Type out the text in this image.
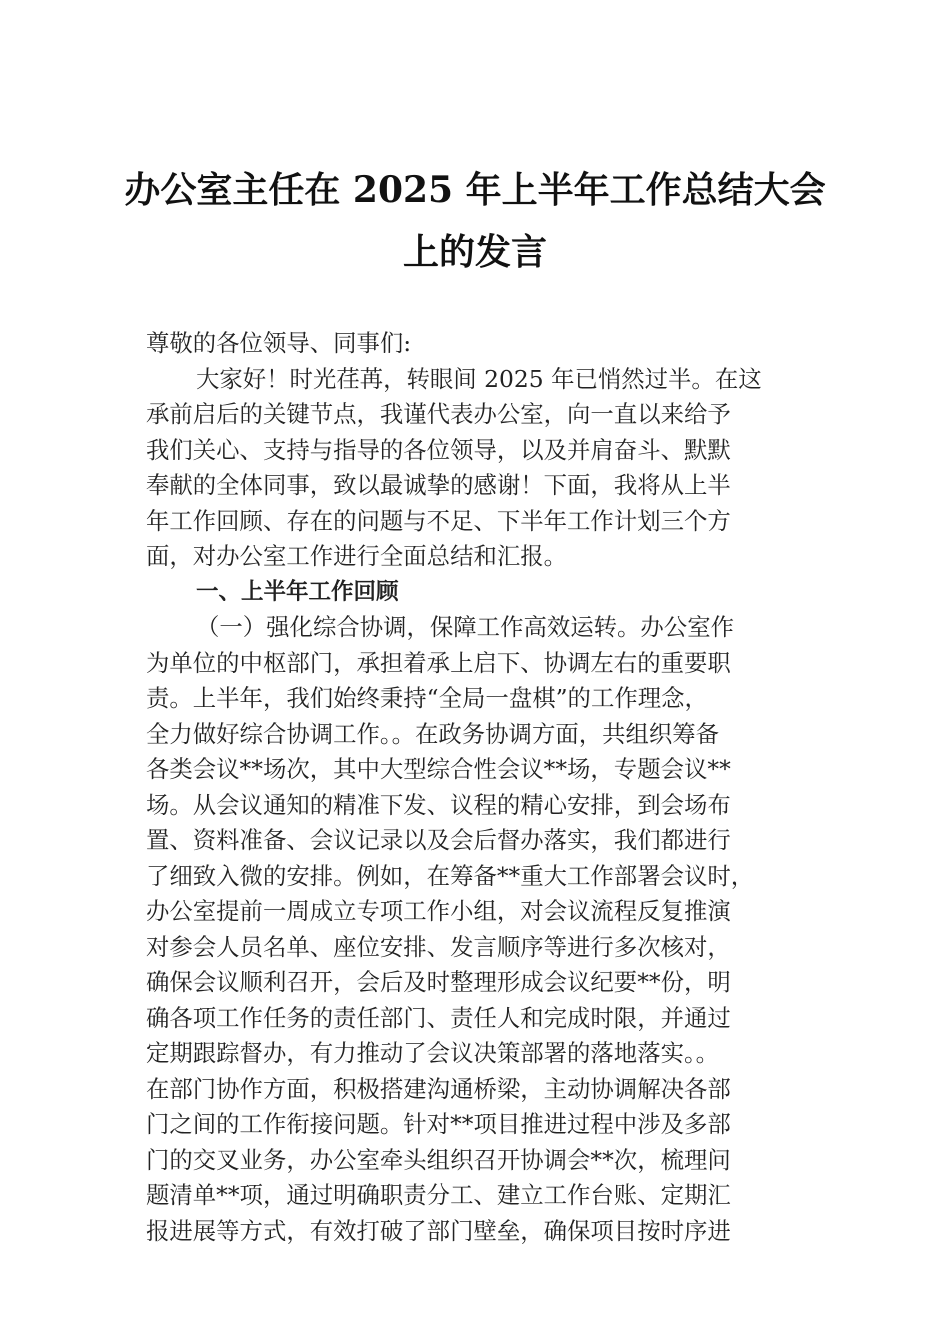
办公室主任在 2025 年上半年工作总结大会
上的发言
尊敬的各位领导、同事们:
大家好！时光荏苒，转眼间 2025 年已悄然过半。在这
承前启后的关键节点，我谨代表办公室，向一直以来给予
我们关心、支持与指导的各位领导，以及并肩奋斗、默默
奉献的全体同事，致以最诚挚的感谢！下面，我将从上半
年工作回顾、存在的问题与不足、下半年工作计划三个方
面，对办公室工作进行全面总结和汇报。
一、上半年工作回顾
（一）强化综合协调，保障工作高效运转。办公室作
为单位的中枢部门，承担着承上启下、协调左右的重要职
责。上半年，我们始终秉持“全局一盘棋”的工作理念，
全力做好综合协调工作。。在政务协调方面，共组织筹备
各类会议**场次，其中大型综合性会议**场，专题会议**
场。从会议通知的精准下发、议程的精心安排，到会场布
置、资料准备、会议记录以及会后督办落实，我们都进行
了细致入微的安排。例如，在筹备**重大工作部署会议时，
办公室提前一周成立专项工作小组，对会议流程反复推演
对参会人员名单、座位安排、发言顺序等进行多次核对，
确保会议顺利召开，会后及时整理形成会议纪要**份，明
确各项工作任务的责任部门、责任人和完成时限，并通过
定期跟踪督办，有力推动了会议决策部署的落地落实。。
在部门协作方面，积极搭建沟通桥梁，主动协调解决各部
门之间的工作衔接问题。针对**项目推进过程中涉及多部
门的交叉业务，办公室牵头组织召开协调会**次，梳理问
题清单**项，通过明确职责分工、建立工作台账、定期汇
报进展等方式，有效打破了部门壁垒，确保项目按时序进
